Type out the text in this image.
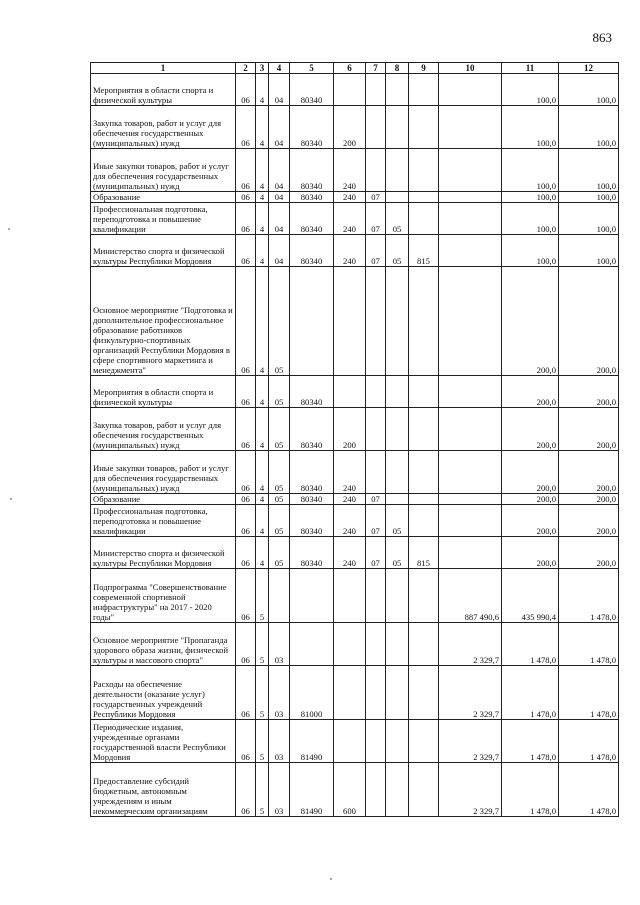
863
1	2	3	4	5	6	7	8	9	10	11	12
Мероприятия в области спорта и физической культуры	06	4	04	80340						100,0	100,0
Закупка товаров, работ и услуг для обеспечения государственных (муниципальных) нужд	06	4	04	80340	200					100,0	100,0
Иные закупки товаров, работ и услуг для обеспечения государственных (муниципальных) нужд	06	4	04	80340	240					100,0	100,0
Образование	06	4	04	80340	240	07				100,0	100,0
Профессиональная подготовка, переподготовка и повышение квалификации	06	4	04	80340	240	07	05			100,0	100,0
Министерство спорта и физической культуры Республики Мордовия	06	4	04	80340	240	07	05	815		100,0	100,0
Основное мероприятие "Подготовка и дополнительное профессиональное образование работников физкультурно-спортивных организаций Республики Мордовия в сфере спортивного маркетинга и менеджмента"	06	4	05							200,0	200,0
Мероприятия в области спорта и физической культуры	06	4	05	80340						200,0	200,0
Закупка товаров, работ и услуг для обеспечения государственных (муниципальных) нужд	06	4	05	80340	200					200,0	200,0
Иные закупки товаров, работ и услуг для обеспечения государственных (муниципальных) нужд	06	4	05	80340	240					200,0	200,0
Образование	06	4	05	80340	240	07				200,0	200,0
Профессиональная подготовка, переподготовка и повышение квалификации	06	4	05	80340	240	07	05			200,0	200,0
Министерство спорта и физической культуры Республики Мордовия	06	4	05	80340	240	07	05	815		200,0	200,0
Подпрограмма "Совершенствование современной спортивной инфраструктуры" на 2017 - 2020 годы"	06	5							887 490,6	435 990,4	1 478,0
Основное мероприятие "Пропаганда здорового образа жизни, физической культуры и массового спорта"	06	5	03						2 329,7	1 478,0	1 478,0
Расходы на обеспечение деятельности (оказание услуг) государственных учреждений Республики Мордовия	06	5	03	81000					2 329,7	1 478,0	1 478,0
Периодические издания, учрежденные органами государственной власти Республики Мордовия	06	5	03	81490					2 329,7	1 478,0	1 478,0
Предоставление субсидий бюджетным, автономным учреждениям и иным некоммерческим организациям	06	5	03	81490	600				2 329,7	1 478,0	1 478,0
